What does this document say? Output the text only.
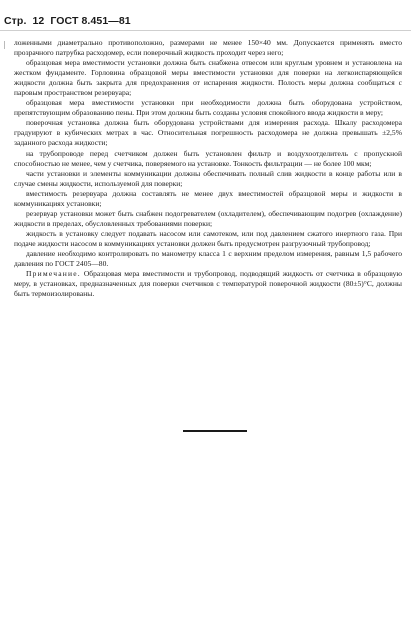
Стр. 12 ГОСТ 8.451—81
| ложенными диаметрально противоположно, размерами не менее 150×40 мм. Допускается применять вместо прозрачного патрубка расходомер, если поверочный жидкость проходит через него;

образцовая мера вместимости установки должна быть снабжена отвесом или круглым уровнем и установлена на жестком фундаменте. Горловина образцовой меры вместимости установки для поверки на легкоиспаряющейся жидкости должна быть закрыта для предохранения от испарения жидкости. Полость меры должна сообщаться с паровым пространством резервуара;

образцовая мера вместимости установки при необходимости должна быть оборудована устройством, препятствующим образованию пены. При этом должны быть созданы условия спокойного ввода жидкости в меру;

поверочная установка должна быть оборудована устройствами для измерения расхода. Шкалу расходомера градуируют в кубических метрах в час. Относительная погрешность расходомера не должна превышать ±2,5% заданного расхода жидкости;

на трубопроводе перед счетчиком должен быть установлен фильтр и воздухоотделитель с пропускной способностью не менее, чем у счетчика, поверяемого на установке. Тонкость фильтрации — не более 100 мкм;

части установки и элементы коммуникации должны обеспечивать полный слив жидкости в конце работы или в случае смены жидкости, используемой для поверки;

вместимость резервуара должна составлять не менее двух вместимостей образцовой меры и жидкости в коммуникациях установки;

резервуар установки может быть снабжен подогревателем (охладителем), обеспечивающим подогрев (охлаждение) жидкости в пределах, обусловленных требованиями поверки;

жидкость в установку следует подавать насосом или самотеком, или под давлением сжатого инертного газа. При подаче жидкости насосом в коммуникациях установки должен быть предусмотрен разгрузочный трубопровод;

давление необходимо контролировать по манометру класса 1 с верхним пределом измерения, равным 1,5 рабочего давления по ГОСТ 2405—80.

Примечание. Образцовая мера вместимости и трубопровод, подводящий жидкость от счетчика в образцовую меру, в установках, предназначенных для поверки счетчиков с температурой поверочной жидкости (80±5)°С, должны быть термоизолированы.
